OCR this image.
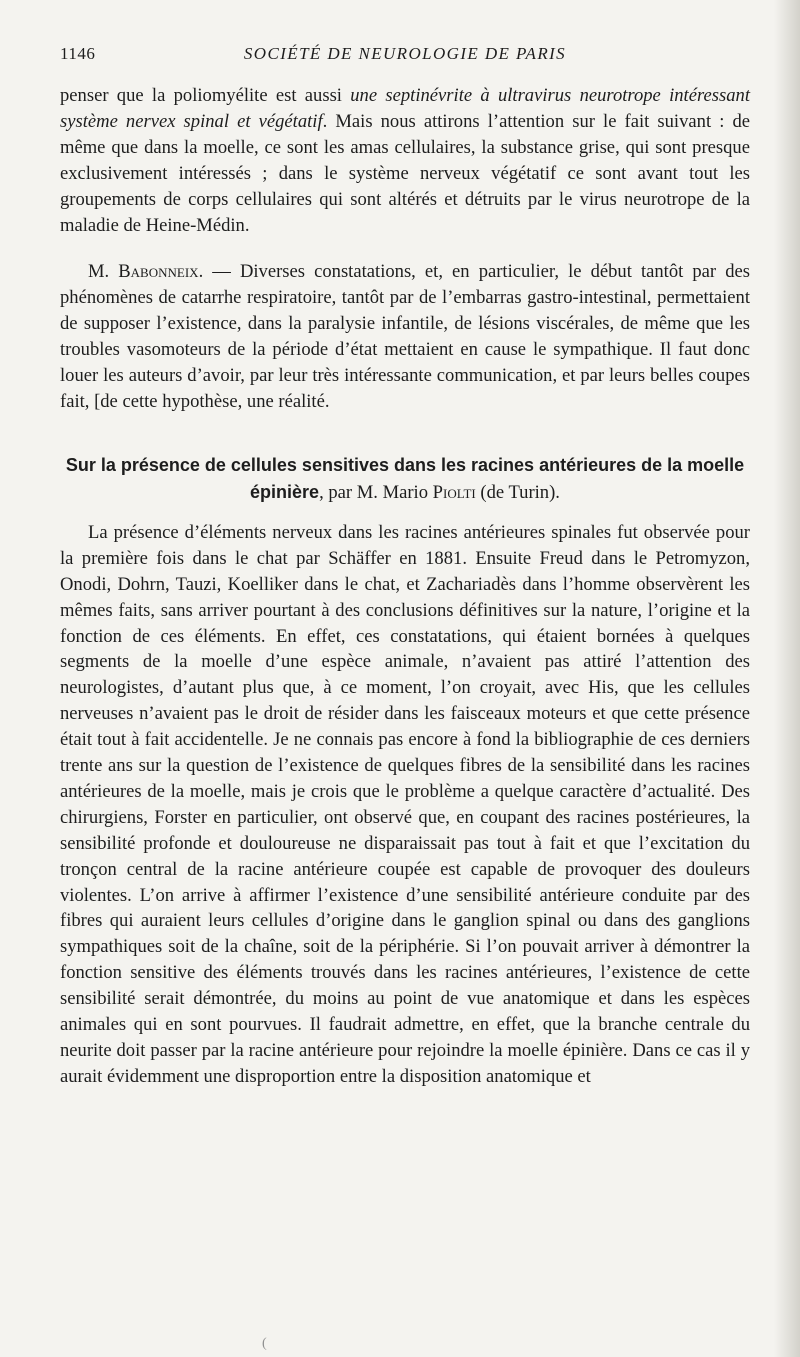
1146	SOCIÉTÉ DE NEUROLOGIE DE PARIS

penser que la poliomyélite est aussi une septinévrite à ultravirus neurotrope intéressant système nervex spinal et végétatif. Mais nous attirons l’attention sur le fait suivant : de même que dans la moelle, ce sont les amas cellulaires, la substance grise, qui sont presque exclusivement intéressés ; dans le système nerveux végétatif ce sont avant tout les groupements de corps cellulaires qui sont altérés et détruits par le virus neurotrope de la maladie de Heine-Médin.

M. Babonneix. — Diverses constatations, et, en particulier, le début tantôt par des phénomènes de catarrhe respiratoire, tantôt par de l’embarras gastro-intestinal, permettaient de supposer l’existence, dans la paralysie infantile, de lésions viscérales, de même que les troubles vasomoteurs de la période d’état mettaient en cause le sympathique. Il faut donc louer les auteurs d’avoir, par leur très intéressante communication, et par leurs belles coupes fait, [de cette hypothèse, une réalité.

Sur la présence de cellules sensitives dans les racines antérieures de la moelle épinière, par M. Mario Piolti (de Turin).

La présence d’éléments nerveux dans les racines antérieures spinales fut observée pour la première fois dans le chat par Schäffer en 1881. Ensuite Freud dans le Petromyzon, Onodi, Dohrn, Tauzi, Koelliker dans le chat, et Zachariadès dans l’homme observèrent les mêmes faits, sans arriver pourtant à des conclusions définitives sur la nature, l’origine et la fonction de ces éléments. En effet, ces constatations, qui étaient bornées à quelques segments de la moelle d’une espèce animale, n’avaient pas attiré l’attention des neurologistes, d’autant plus que, à ce moment, l’on croyait, avec His, que les cellules nerveuses n’avaient pas le droit de résider dans les faisceaux moteurs et que cette présence était tout à fait accidentelle. Je ne connais pas encore à fond la bibliographie de ces derniers trente ans sur la question de l’existence de quelques fibres de la sensibilité dans les racines antérieures de la moelle, mais je crois que le problème a quelque caractère d’actualité. Des chirurgiens, Forster en particulier, ont observé que, en coupant des racines postérieures, la sensibilité profonde et douloureuse ne disparaissait pas tout à fait et que l’excitation du tronçon central de la racine antérieure coupée est capable de provoquer des douleurs violentes. L’on arrive à affirmer l’existence d’une sensibilité antérieure conduite par des fibres qui auraient leurs cellules d’origine dans le ganglion spinal ou dans des ganglions sympathiques soit de la chaîne, soit de la périphérie. Si l’on pouvait arriver à démontrer la fonction sensitive des éléments trouvés dans les racines antérieures, l’existence de cette sensibilité serait démontrée, du moins au point de vue anatomique et dans les espèces animales qui en sont pourvues. Il faudrait admettre, en effet, que la branche centrale du neurite doit passer par la racine antérieure pour rejoindre la moelle épinière. Dans ce cas il y aurait évidemment une disproportion entre la disposition anatomique et

(
